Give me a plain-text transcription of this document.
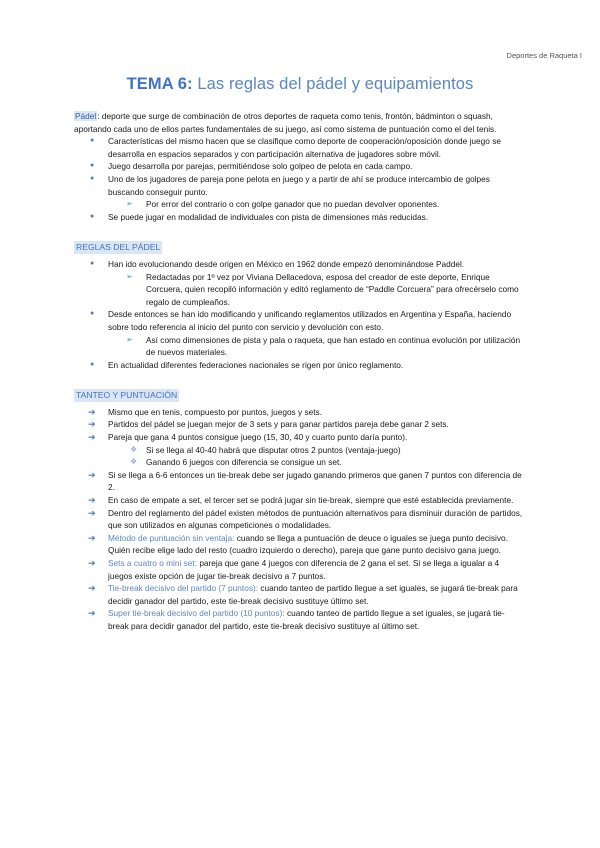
Deportes de Raqueta I
TEMA 6: Las reglas del pádel y equipamientos

Pádel: deporte que surge de combinación de otros deportes de raqueta como tenis, frontón, bádminton o squash, aportando cada uno de ellos partes fundamentales de su juego, así como sistema de puntuación como el del tenis.

● Características del mismo hacen que se clasifique como deporte de cooperación/oposición donde juego se desarrolla en espacios separados y con participación alternativa de jugadores sobre móvil.
● Juego desarrolla por parejas, permitiéndose solo golpeo de pelota en cada campo.
● Uno de los jugadores de pareja pone pelota en juego y a partir de ahí se produce intercambio de golpes buscando conseguir punto.
➢ Por error del contrario o con golpe ganador que no puedan devolver oponentes.
● Se puede jugar en modalidad de individuales con pista de dimensiones más reducidas.
REGLAS DEL PÁDEL
● Han ido evolucionando desde origen en México en 1962 donde empezó denominándose Paddel.
➢ Redactadas por 1º vez por Viviana Dellacedova, esposa del creador de este deporte, Enrique Corcuera, quien recopiló información y editó reglamento de “Paddle Corcuera” para ofrecérselo como regalo de cumpleaños.
● Desde entonces se han ido modificando y unificando reglamentos utilizados en Argentina y España, haciendo sobre todo referencia al inicio del punto con servicio y devolución con esto.
➢ Así como dimensiones de pista y pala o raqueta, que han estado en continua evolución por utilización de nuevos materiales.
● En actualidad diferentes federaciones nacionales se rigen por único reglamento.
TANTEO Y PUNTUACIÓN
➔ Mismo que en tenis, compuesto por puntos, juegos y sets.
➔ Partidos del pádel se juegan mejor de 3 sets y para ganar partidos pareja debe ganar 2 sets.
➔ Pareja que gana 4 puntos consigue juego (15, 30, 40 y cuarto punto daría punto).
❖ Si se llega al 40-40 habrá que disputar otros 2 puntos (ventaja-juego)
❖ Ganando 6 juegos con diferencia se consigue un set.
➔ Si se llega a 6-6 entonces un tie-break debe ser jugado ganando primeros que ganen 7 puntos con diferencia de 2.
➔ En caso de empate a set, el tercer set se podrá jugar sin tie-break, siempre que esté establecida previamente.
➔ Dentro del reglamento del pádel existen métodos de puntuación alternativos para disminuir duración de partidos, que son utilizados en algunas competiciones o modalidades.
➔ Método de puntuación sin ventaja: cuando se llega a puntuación de deuce o iguales se juega punto decisivo. Quién recibe elige lado del resto (cuadro izquierdo o derecho), pareja que gane punto decisivo gana juego.
➔ Sets a cuatro o mini set: pareja que gane 4 juegos con diferencia de 2 gana el set. Si se llega a igualar a 4 juegos existe opción de jugar tie-break decisivo a 7 puntos.
➔ Tie-break decisivo del partido (7 puntos): cuando tanteo de partido llegue a set iguales, se jugará tie-break para decidir ganador del partido, este tie-break decisivo sustituye último set.
➔ Super tie-break decisivo del partido (10 puntos): cuando tanteo de partido llegue a set iguales, se jugará tie-break para decidir ganador del partido, este tie-break decisivo sustituye al último set.
